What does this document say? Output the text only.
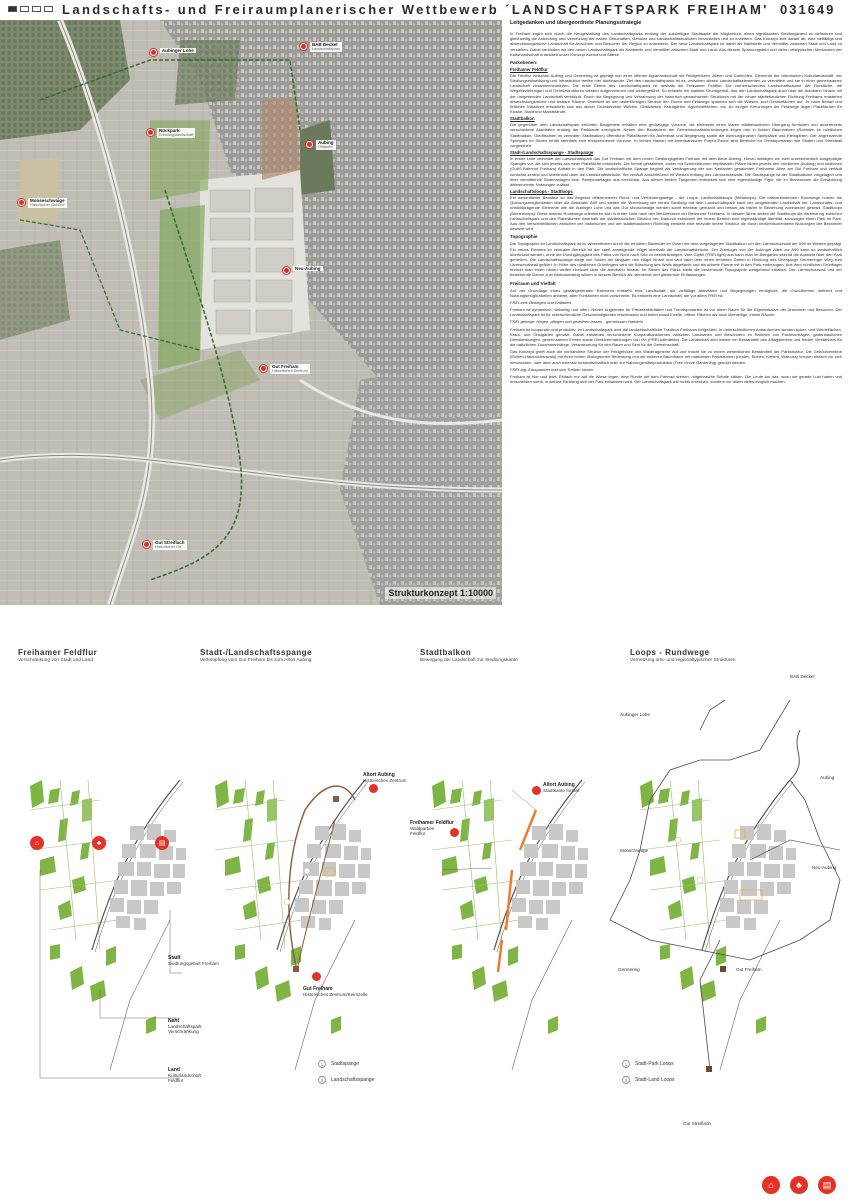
Landschafts- und Freiraumplanerischer Wettbewerb ´LANDSCHAFTSPARK FREIHAM' 031649
Aubinger Lohe
BAB Deckel
Landschaftspark
Rückpark
Erholungslandschaft
Aubing
Ortskern
Mooseschwaige
Historischer Gutshof
Neu-Aubing
Gut Freiham
Historisches Zentrum
Gut Streiflach
Historischer Ort
Strukturkonzept 1:10000
Leitgedanken und übergeordnete Planungsstrategie

In Freiham ergibt sich durch die Neugestaltung des Landschaftsparks entlang der zukünftigen Stadtkante die Möglichkeit, einen signifikanten Siedlungsrand zu definieren und gleichzeitig die Anbindung und Vernetzung der nahen Ortschaften, Gehölze und Landschaftsstrukturen herzustellen und zu erweitern. Das Konzept zielt darauf ab, eine vielfältige und abwechslungsreiche Landschaft für Anwohner und Besucher der Region zu entwickeln. Der neue Landschaftspark ist dabei als Nahtstelle und Vermittler zwischen Stadt und Land zu verstehen. Dabei verbinden wir den neuen Landschaftspark als Nahtstelle und Vermittler zwischen Stadt und Land. Aus diesem Spannungsfeld und vielen ortstypischen Merkmalen der Kulturlandschaft entwickelt unser Konzept Kontur und Stärke.

Parkebenen:
Freihamer Feldflur

Die Feldflur zwischen Aubing und Germering ist geprägt von einer offenen Agrarlandschaft mit Feldgehölzen, Alleen und Gutshöfen. Elemente der historischen Kulturlandschaft, der Siedlungsentwicklung und Infrastruktur treffen hier aufeinander. Ziel des Landschaftsparks ist es, zwischen diesen Landschaftselementen zu vermitteln und sie in einer gemeinsamen Landschaft zusammenzuführen. Die erste Ebene des Landschaftsparks ist deshalb die Freihamer Feldflur. Die vorherrschenden Landschaftsräume der Flurstücke, die Wegebeziehungen und Gehölzstrukturen werden aufgenommen und weitergeführt. So entsteht ein stabiles Grundgerüst, das den Landschaftspark auch über die Autobahn hinaus mit der umgebenden Landschaft verknüpft. Durch die Begegnung und Verzahnung der historisch gewachsenen Strukturen mit der neuen städtebaulichen Richtung Freihams entstehen abwechslungsreiche und lesbare Räume. Orientiert an der rasterförmigen Struktur der Fluren und Feldwege spannen sich die Wiesen- und Gehölzflächen auf. Je nach Bedarf und örtlichen Initiativen entwickeln sich aus dieser Grundstruktur Weiden, Obstwiesen, Krautgärten, Agroforstflächen, etc. An einigen Kreuzungen der Feldwege liegen Platzflächen für Kioske, Stadt und Marktstände.

Stadtbalkon

Die gegenüber dem Landschaftspark erhöhten Baugebiete erhalten eine großzügige Vorzone, die einerseits einen klaren städtebaulichen Übergang formuliert und andererseits verschiedene Aktivitäten entlang der Parkkante ermöglicht. Neben den Baufeldern der Gemeinschaftseinrichtungen liegen hier in lichten Baumhainen (Robinien im nördlichen Stadtbalkon, Gleditschien im zentralen Stadtbalkon) öffentliche Platzflächen für Aufenthalt und Begegnung sowie die wohnungsnahen Spielplätze und Kleingärten. Der angrenzende Sportpark im Süden erhält ebenfalls eine entsprechende Vorzone. In lichten Hainen mit Amerikanischer Purpur-Esche sind Bereiche für Trendsportarten wie Skaten und Streetball vorgesehen.

Stadt-/Landschaftsspange - Stadtspange

In erster Linie verbindet der Landschaftspark das Gut Freiham mit dem neuen Siedlungsgebiet Freiham mit dem Altort Aubing. Hierzu schlagen wir zwei unterschiedlich ausgeprägte Spangen vor, die sich jeweils aus einer Platzfläche entwickeln. Die formal gestalteten, locker mit Schnurbäumen bepflanzten Plätze bilden jeweils den nördlichen (Aubing) und südlichen (Gut/S-Bahnhof Freiham) Auftakt in den Park. Die landschaftliche Spange beginnt als Verlängerung der von Kastanien gesäumten Freihamer Allee am Gut Freiham und verläuft zunächst zentral und überbrückt dann die Landschaftsbrücke. Sie verläuft anschließend im Westen entlang des Lärmschutzwalls. Die Stadtspange ist der Stadtbalkone vorgelagert und über vermittelnde Stufenanlagen bzw. Rampenanlagen aus erreichbar. Aus diesen beiden Tangenten entwickelt sich eine eigenständige Figur, die im Binnenraum die Entwicklung differenzierter Nutzungen zulässt.

Landschaftsloops - Stadtloops

Ein wesentlicher Baustein ist das Angebot differenzierter Rund- und Verbindungswege - die Loops. Landschaftsloops (Metaloops): Die ortsverbindenden Rundwege nutzen die Querungsmöglichkeiten über die Autobahn A99 und stellen die Vernetzung der neuen Siedlung mit dem Landschaftspark samt der umgebenden Landschaft her. Landschafts- und ortsbildprägende Elemente wie die Aubinger Lohe und das Gut Mooschwaige werden somit erlebbar gemacht und besser als bisher in Beziehung zueinander gesetzt. Stadtloops (Binnenloops): Diese inneren Rundwege orientieren sich in erster Linie nach den Bedürfnissen der Bewohner Freihams. In diesem Sinne stellen die Stadtloops die Verbindung zwischen Landschaftspark und den Platzräumen innerhalb der städtebaulichen Struktur her. Dadurch entwickelt der innere Bereich eine eigenständige Identität, sozusagen einen Park im Park. Aus den Verschnittflächen zwischen der historischen und der städtebaulichen Richtung entsteht eine reizvolle innere Struktur die durch bedürfnisorientierte Nutzungen der Bewohner bewahrt wird.

Topographie

Die Topographie im Landschaftspark ist im Wesentlichen durch die erhöhten Baufelder im Osten mit dem vorgelagerten Stadtbalkon um den Lärmschutzwall der A99 im Westen geprägt. Ein neues Element im zentralen Bereich ist der sanft ansteigende Hügel oberhalb der Landschaftsbrücke. Der Zubringer von der Aubinger Allee zur A99 kann so landschaftlich überbrückt werden, ohne die Durchgängigkeit des Parks von Nord nach Süd zu beeinträchtigen. Vom Gipfel (FREI-light) aus kann man im Biergarten sitzend die Aussicht über den Park genießen. Die Landschaftsspange steigt von Süden her langsam den Hügel hinauf und wird dann über einen erhöhten Damm in Richtung des Übergangs Germeringer Weg zum Lärmschutzwall geführt. In Höhe des nördlichen Grünfingers wird die Böschung des Walls abgeflacht und als schiefe Ebene mit in den Park einbezogen. Aus dem nördlichen Grünfinger erblickt man einen neuen weiten Horizont über die Autobahn hinaus. Im Süden des Parks bleibt die bestehende Topographie weitgehend erhalten. Der Lärmschutzwall und der bestehende Damm zum Birnbaumsteig wirken in diesem Bereich als rahmende und gliedernde Einfassungen.

Freiraum und Vielfalt

Auf der Grundlage eines gestaltgebenden Rahmens entsteht eine Landschaft, die vielfältige Aktivitäten und Begegnungen ermöglicht, die Grundformen definiert und Nutzungsmöglichkeiten anbietet, aber Funktionen nicht vorschreibt. Es entsteht eine Landschaft, die vor allem FREI ist.

FREI-zeit: Bewegen und Entfalten

Freiham ist dynamisch, vielseitig und offen. Neben Angeboten für Freizeitaktivitäten und Trendsportarten ist vor allem Raum für die Eigeninitiative der Anwohner und Besucher. Der Landschaftspark ist für unterschiedliche Geschwindigkeiten erschlossen und bietet sowohl weite, offene Flächen als auch kleinteilige, intime Räume.

FREI-gehege: Hegen, pflegen und gedeihen lassen - gemeinsam Handeln

Freiham ist kooperativ und produktiv. Im Landschaftspark wird die landwirtschaftliche Tradition Freihams fortgeführt. In unterschiedlichen Anbauformen werden Acker- und Weideflächen, Kraut- und Obstgärten genutzt. Dabei entstehen verschiedene Kooperationsformen zwischen Landwirten und Bewohnern im Rahmen von Pachtverträgen, gartenbaulichen Dienstleistungen, gemeinsamen Ernten sowie Direktvermarktungen von Ort (FREI-luftmärkte). Die Landschaft wird wieder ein Bestandteil des Alltagslebens und fördert Verständnis für die natürlichen Zusammenhänge, Verantwortung für den Raum und Sinn für die Gemeinschaft.

Das Konzept greift auch die vorhandene Struktur der Feldgehölze und Waldfragmente auf und macht sie zu einem wesentlichen Bestandteil der Parkstruktur. Die Gehölzbereiche (Eichen-Hainbuchenwald) mit ihren hohen ökologischen Bedeutung und die lockeren Baumhaine mit markanten Parkbäumen (Linden, Eichen, Kiefern, Walnuss) können einfach vor sich hinwachsen, oder aber auch extensiv forstwirtschaftlich oder zur Nahrungsmittelproduktion (Tree Grove Gardening) genutzt werden.

FREI-lag: Entspannen und sich Treiben lassen

Freiham ist hier und jetzt. Einfach nur auf die Wiese legen, eine Runde mit dem Fahrrad drehen, mitgebrachte Schafe zählen. Die Leute tun das, wozu sie gerade Lust haben und entscheiden somit, in welche Richtung sich der Park entwickeln wird. Der Landschaftspark will nichts erreichen, sondern vor allem vieles möglich machen.

Freihamer Feldflur
Verschränkung von Stadt und Land
Stadt-/Landschaftsspange
Verknüpfung vom Gut Freiham bis zum Altort Aubing
Stadtbalkon
Bewegung der Landschaft zur Siedlungskante
Loops - Rundwege
Vernetzung orts- und regionaltypischer Strukturen
⌂	♣	▤
Stadt
Siedlungsgebiet Freiham
Naht
Landschaftspark
Verschränkung
Land
Kulturlandschaft
Feldflur
Altort Aubing
Historisches Zentrum
Gut Freiham
Historisches Zentrum/Keimzelle
1	Stadtspange
2	Landschaftsspange
Altort Aubing
Stadtkante formal
Freihamer Feldflur
Waldpartien
Feldflur
BAB Deckel
Aubinger Lohe
Aubing
Mooschwaige
Neu-Aubing
Germering	Gut Freiham
Gut Streiflach
1	Stadt-Park Loops
2	Stadt-Land Loops
⌂	♣	▤
